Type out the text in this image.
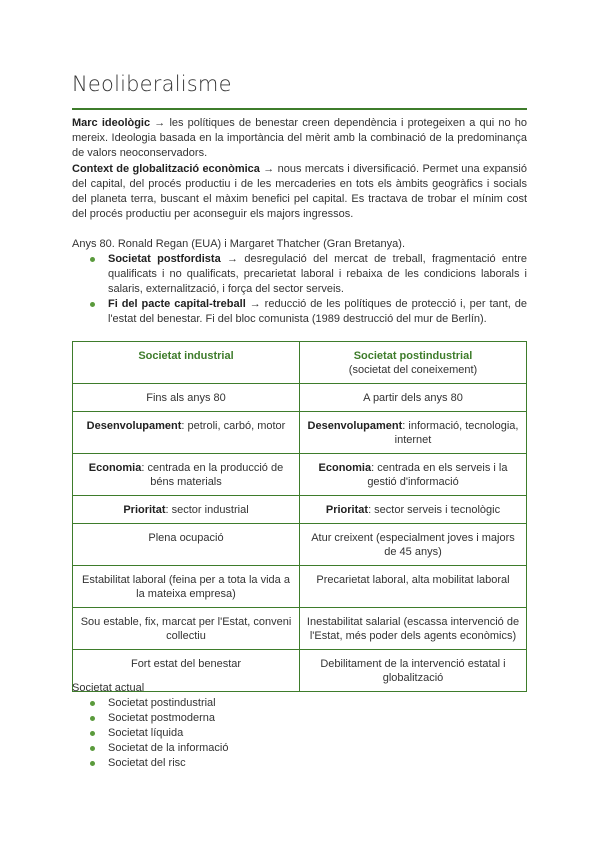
Neoliberalisme

Marc ideològic → les polítiques de benestar creen dependència i protegeixen a qui no ho mereix. Ideologia basada en la importància del mèrit amb la combinació de la predominança de valors neoconservadors.

Context de globalització econòmica → nous mercats i diversificació. Permet una expansió del capital, del procés productiu i de les mercaderies en tots els àmbits geogràfics i socials del planeta terra, buscant el màxim benefici pel capital. Es tractava de trobar el mínim cost del procés productiu per aconseguir els majors ingressos.

Anys 80. Ronald Regan (EUA) i Margaret Thatcher (Gran Bretanya).

Societat postfordista → desregulació del mercat de treball, fragmentació entre qualificats i no qualificats, precarietat laboral i rebaixa de les condicions laborals i salaris, externalització, i força del sector serveis.
Fi del pacte capital-treball → reducció de les polítiques de protecció i, per tant, de l'estat del benestar. Fi del bloc comunista (1989 destrucció del mur de Berlín).
Societat industrial	Societat postindustrial
(societat del coneixement)

Fins als anys 80	A partir dels anys 80
Desenvolupament: petroli, carbó, motor	Desenvolupament: informació, tecnologia, internet
Economia: centrada en la producció de béns materials	Economia: centrada en els serveis i la gestió d'informació
Prioritat: sector industrial	Prioritat: sector serveis i tecnològic
Plena ocupació	Atur creixent (especialment joves i majors de 45 anys)
Estabilitat laboral (feina per a tota la vida a la mateixa empresa)	Precarietat laboral, alta mobilitat laboral
Sou estable, fix, marcat per l'Estat, conveni collectiu	Inestabilitat salarial (escassa intervenció de l'Estat, més poder dels agents econòmics)
Fort estat del benestar	Debilitament de la intervenció estatal i globalització

Societat actual

Societat postindustrial
Societat postmoderna
Societat líquida
Societat de la informació
Societat del risc
